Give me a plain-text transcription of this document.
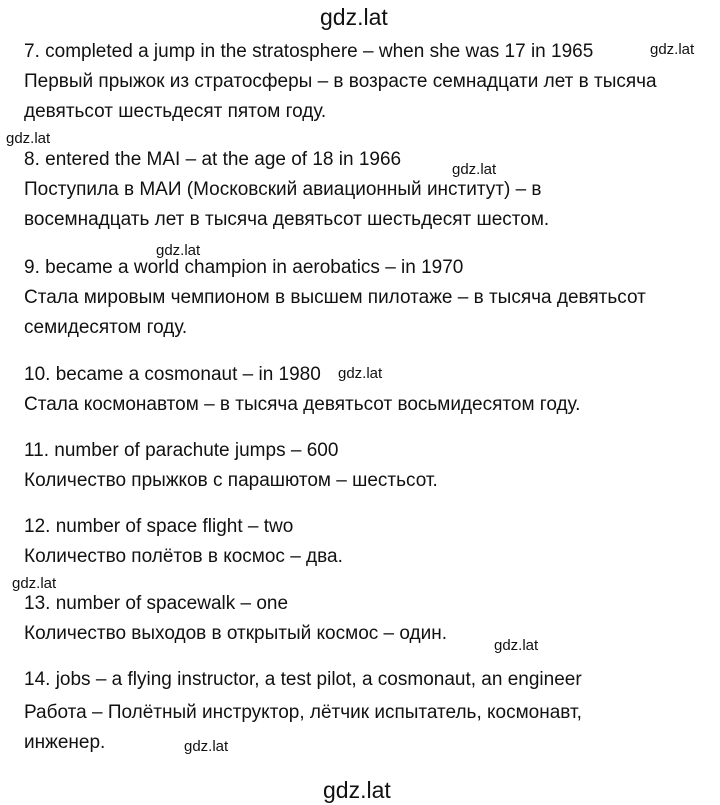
gdz.lat
7. completed a jump in the stratosphere – when she was 17 in 1965
Первый прыжок из стратосферы – в возрасте семнадцати лет в тысяча
девятьсот шестьдесят пятом году.
8. entered the MAI – at the age of 18 in 1966
Поступила в МАИ (Московский авиационный институт) – в
восемнадцать лет в тысяча девятьсот шестьдесят шестом.
9. became a world champion in aerobatics – in 1970
Стала мировым чемпионом в высшем пилотаже – в тысяча девятьсот
семидесятом году.
10. became a cosmonaut – in 1980
Стала космонавтом – в тысяча девятьсот восьмидесятом году.
11. number of parachute jumps – 600
Количество прыжков с парашютом – шестьсот.
12. number of space flight – two
Количество полётов в космос – два.
13. number of spacewalk – one
Количество выходов в открытый космос – один.
14. jobs – a flying instructor, a test pilot, a cosmonaut, an engineer
Работа – Полётный инструктор, лётчик испытатель, космонавт,
инженер.
gdz.lat
gdz.lat
gdz.lat
gdz.lat
gdz.lat
gdz.lat
gdz.lat
gdz.lat
gdz.lat
